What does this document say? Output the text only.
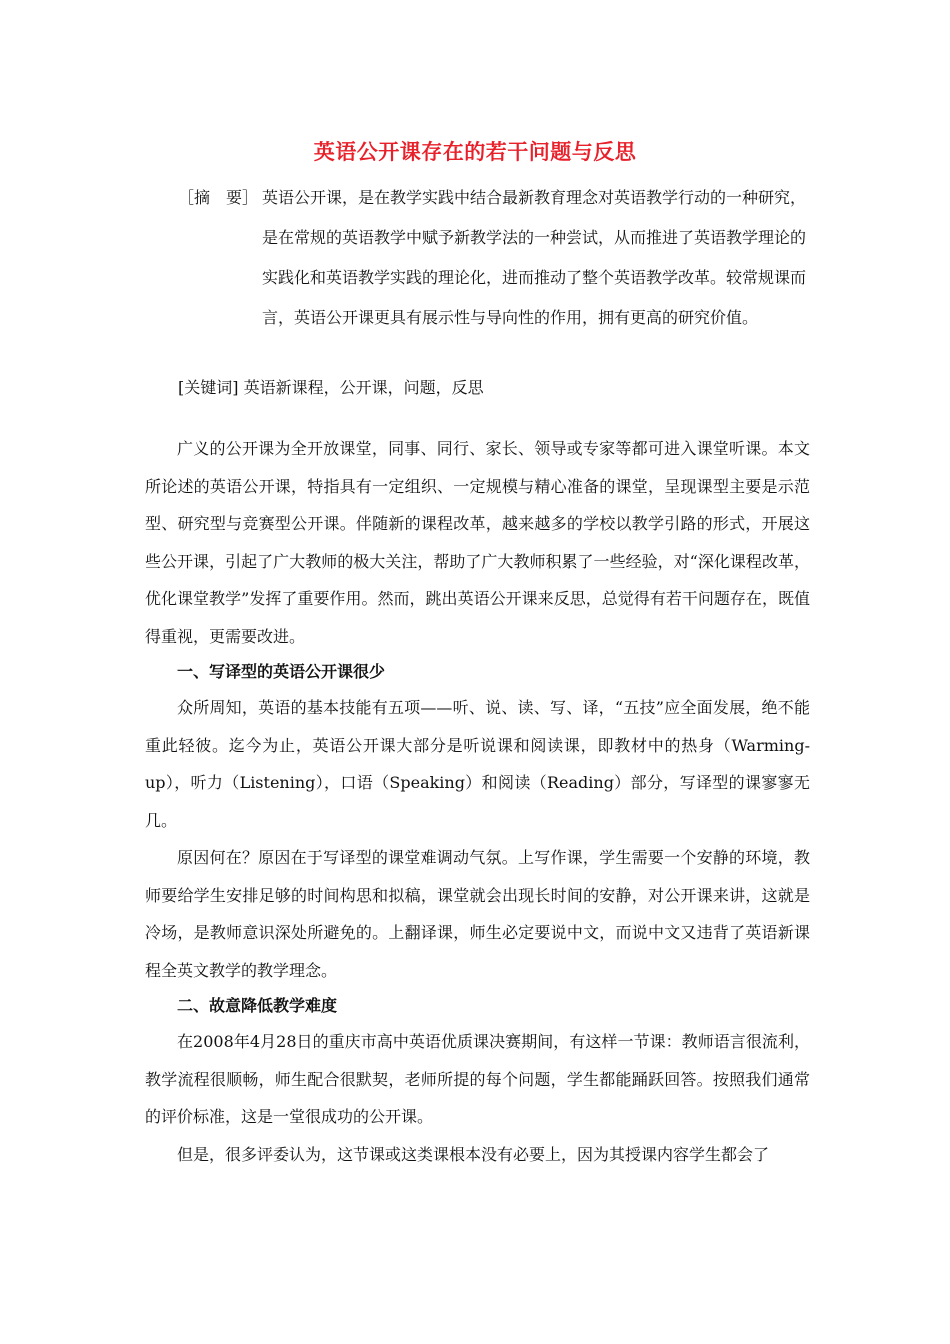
英语公开课存在的若干问题与反思
［摘　要］ 英语公开课，是在教学实践中结合最新教育理念对英语教学行动的一种研究，是在常规的英语教学中赋予新教学法的一种尝试，从而推进了英语教学理论的实践化和英语教学实践的理论化，进而推动了整个英语教学改革。较常规课而言，英语公开课更具有展示性与导向性的作用，拥有更高的研究价值。
[关键词] 英语新课程，公开课，问题，反思

广义的公开课为全开放课堂，同事、同行、家长、领导或专家等都可进入课堂听课。本文所论述的英语公开课，特指具有一定组织、一定规模与精心准备的课堂，呈现课型主要是示范型、研究型与竞赛型公开课。伴随新的课程改革，越来越多的学校以教学引路的形式，开展这些公开课，引起了广大教师的极大关注，帮助了广大教师积累了一些经验，对“深化课程改革，优化课堂教学”发挥了重要作用。然而，跳出英语公开课来反思，总觉得有若干问题存在，既值得重视，更需要改进。

一、写译型的英语公开课很少

众所周知，英语的基本技能有五项——听、说、读、写、译，“五技”应全面发展，绝不能重此轻彼。迄今为止，英语公开课大部分是听说课和阅读课，即教材中的热身（Warming-up），听力（Listening），口语（Speaking）和阅读（Reading）部分，写译型的课寥寥无几。

原因何在？原因在于写译型的课堂难调动气氛。上写作课，学生需要一个安静的环境，教师要给学生安排足够的时间构思和拟稿，课堂就会出现长时间的安静，对公开课来讲，这就是冷场，是教师意识深处所避免的。上翻译课，师生必定要说中文，而说中文又违背了英语新课程全英文教学的教学理念。

二、故意降低教学难度

在2008年4月28日的重庆市高中英语优质课决赛期间，有这样一节课：教师语言很流利，教学流程很顺畅，师生配合很默契，老师所提的每个问题，学生都能踊跃回答。按照我们通常的评价标准，这是一堂很成功的公开课。

但是，很多评委认为，这节课或这类课根本没有必要上，因为其授课内容学生都会了
